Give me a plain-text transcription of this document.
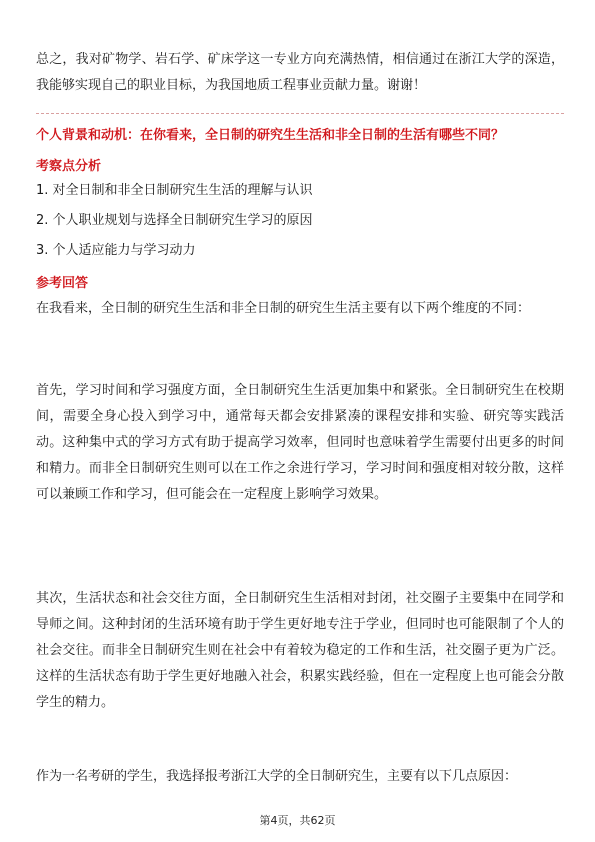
总之，我对矿物学、岩石学、矿床学这一专业方向充满热情，相信通过在浙江大学的深造，我能够实现自己的职业目标，为我国地质工程事业贡献力量。谢谢！

个人背景和动机：在你看来，全日制的研究生生活和非全日制的生活有哪些不同？
考察点分析
1. 对全日制和非全日制研究生生活的理解与认识
2. 个人职业规划与选择全日制研究生学习的原因
3. 个人适应能力与学习动力
参考回答

在我看来，全日制的研究生生活和非全日制的研究生生活主要有以下两个维度的不同：

首先，学习时间和学习强度方面，全日制研究生生活更加集中和紧张。全日制研究生在校期间，需要全身心投入到学习中，通常每天都会安排紧凑的课程安排和实验、研究等实践活动。这种集中式的学习方式有助于提高学习效率，但同时也意味着学生需要付出更多的时间和精力。而非全日制研究生则可以在工作之余进行学习，学习时间和强度相对较分散，这样可以兼顾工作和学习，但可能会在一定程度上影响学习效果。

其次，生活状态和社会交往方面，全日制研究生生活相对封闭，社交圈子主要集中在同学和导师之间。这种封闭的生活环境有助于学生更好地专注于学业，但同时也可能限制了个人的社会交往。而非全日制研究生则在社会中有着较为稳定的工作和生活，社交圈子更为广泛。这样的生活状态有助于学生更好地融入社会，积累实践经验，但在一定程度上也可能会分散学生的精力。

作为一名考研的学生，我选择报考浙江大学的全日制研究生，主要有以下几点原因：

第4页，共62页
